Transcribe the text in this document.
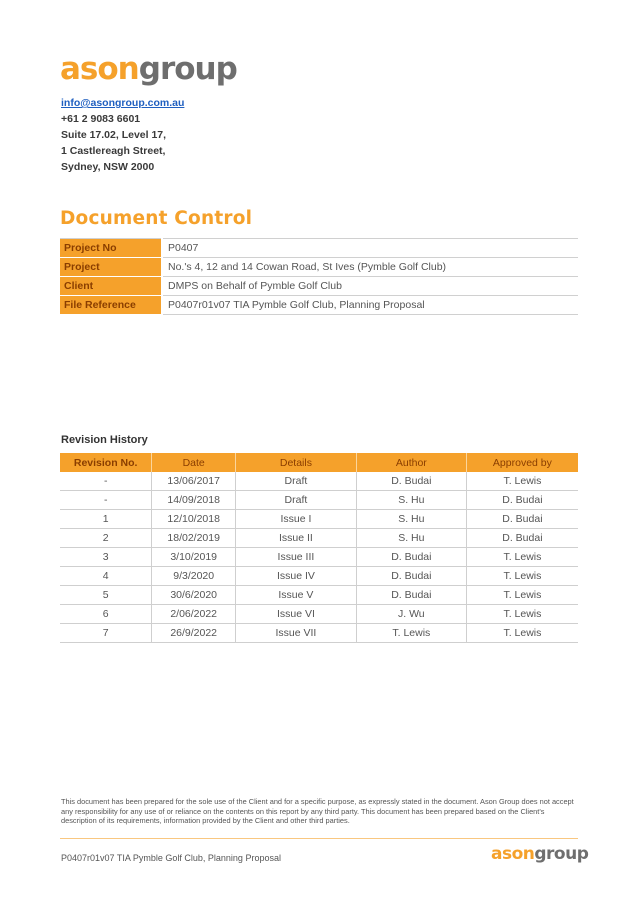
asongroup
info@asongroup.com.au
+61 2 9083 6601
Suite 17.02, Level 17,
1 Castlereagh Street,
Sydney, NSW 2000
Document Control
Project No	P0407
Project	No.'s 4, 12 and 14 Cowan Road, St Ives (Pymble Golf Club)
Client	DMPS on Behalf of Pymble Golf Club
File Reference	P0407r01v07 TIA Pymble Golf Club, Planning Proposal
Revision History
Revision No.	Date	Details	Author	Approved by
-	13/06/2017	Draft	D. Budai	T. Lewis
-	14/09/2018	Draft	S. Hu	D. Budai
1	12/10/2018	Issue I	S. Hu	D. Budai
2	18/02/2019	Issue II	S. Hu	D. Budai
3	3/10/2019	Issue III	D. Budai	T. Lewis
4	9/3/2020	Issue IV	D. Budai	T. Lewis
5	30/6/2020	Issue V	D. Budai	T. Lewis
6	2/06/2022	Issue VI	J. Wu	T. Lewis
7	26/9/2022	Issue VII	T. Lewis	T. Lewis
This document has been prepared for the sole use of the Client and for a specific purpose, as expressly stated in the document. Ason Group does not accept any responsibility for any use of or reliance on the contents on this report by any third party. This document has been prepared based on the Client's description of its requirements, information provided by the Client and other third parties.
P0407r01v07 TIA Pymble Golf Club, Planning Proposal	asongroup
